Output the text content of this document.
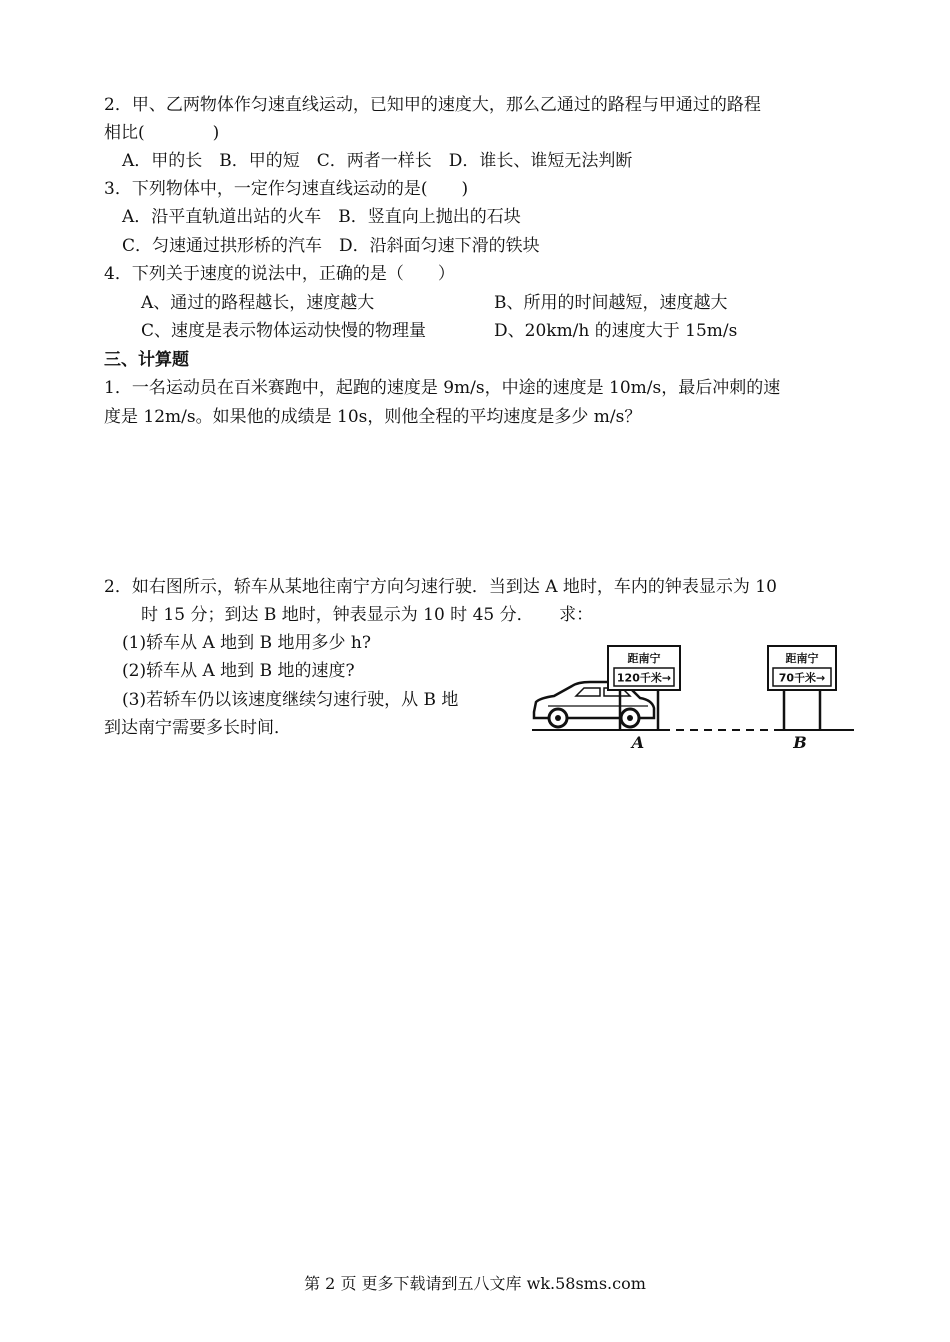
2．甲、乙两物体作匀速直线运动，已知甲的速度大，那么乙通过的路程与甲通过的路程
相比(　　　　)
A．甲的长　B．甲的短　C．两者一样长　D．谁长、谁短无法判断
3．下列物体中，一定作匀速直线运动的是(　　)
A．沿平直轨道出站的火车　B．竖直向上抛出的石块
C．匀速通过拱形桥的汽车　D．沿斜面匀速下滑的铁块
4．下列关于速度的说法中，正确的是（　　）
A、通过的路程越长，速度越大	B、所用的时间越短，速度越大
C、速度是表示物体运动快慢的物理量	D、20km/h 的速度大于 15m/s
三、计算题
1．一名运动员在百米赛跑中，起跑的速度是 9m/s，中途的速度是 10m/s，最后冲刺的速
度是 12m/s。如果他的成绩是 10s，则他全程的平均速度是多少 m/s？
2．如右图所示，轿车从某地往南宁方向匀速行驶．当到达 A 地时，车内的钟表显示为 10
时 15 分；到达 B 地时，钟表显示为 10 时 45 分．　　求：
(1)轿车从 A 地到 B 地用多少 h?
(2)轿车从 A 地到 B 地的速度?
(3)若轿车仍以该速度继续匀速行驶，从 B 地
到达南宁需要多长时间．
距南宁
120千米→
A
距南宁
70千米→
B
第 2 页 更多下载请到五八文库 wk.58sms.com
